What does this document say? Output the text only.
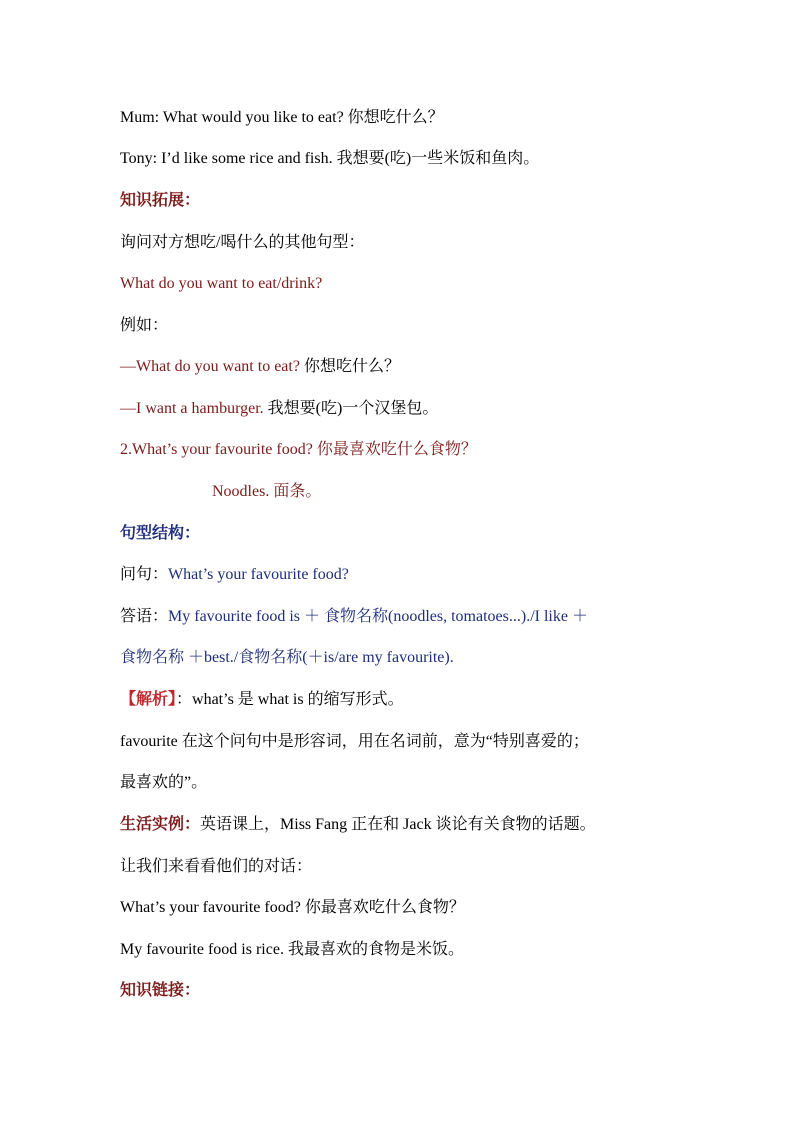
Mum: What would you like to eat? 你想吃什么？
Tony: I’d like some rice and fish. 我想要(吃)一些米饭和鱼肉。
知识拓展：
询问对方想吃/喝什么的其他句型：
What do you want to eat/drink?
例如：
—What do you want to eat? 你想吃什么？
—I want a hamburger. 我想要(吃)一个汉堡包。
2.What’s your favourite food? 你最喜欢吃什么食物？
Noodles. 面条。
句型结构：
问句：What’s your favourite food?
答语：My favourite food is ＋ 食物名称(noodles, tomatoes...)./I like ＋
食物名称 ＋best./食物名称(＋is/are my favourite).
【解析】：what’s 是 what is 的缩写形式。
favourite 在这个问句中是形容词，用在名词前，意为“特别喜爱的；
最喜欢的”。
生活实例：英语课上，Miss Fang 正在和 Jack 谈论有关食物的话题。
让我们来看看他们的对话：
What’s your favourite food? 你最喜欢吃什么食物？
My favourite food is rice. 我最喜欢的食物是米饭。
知识链接：
